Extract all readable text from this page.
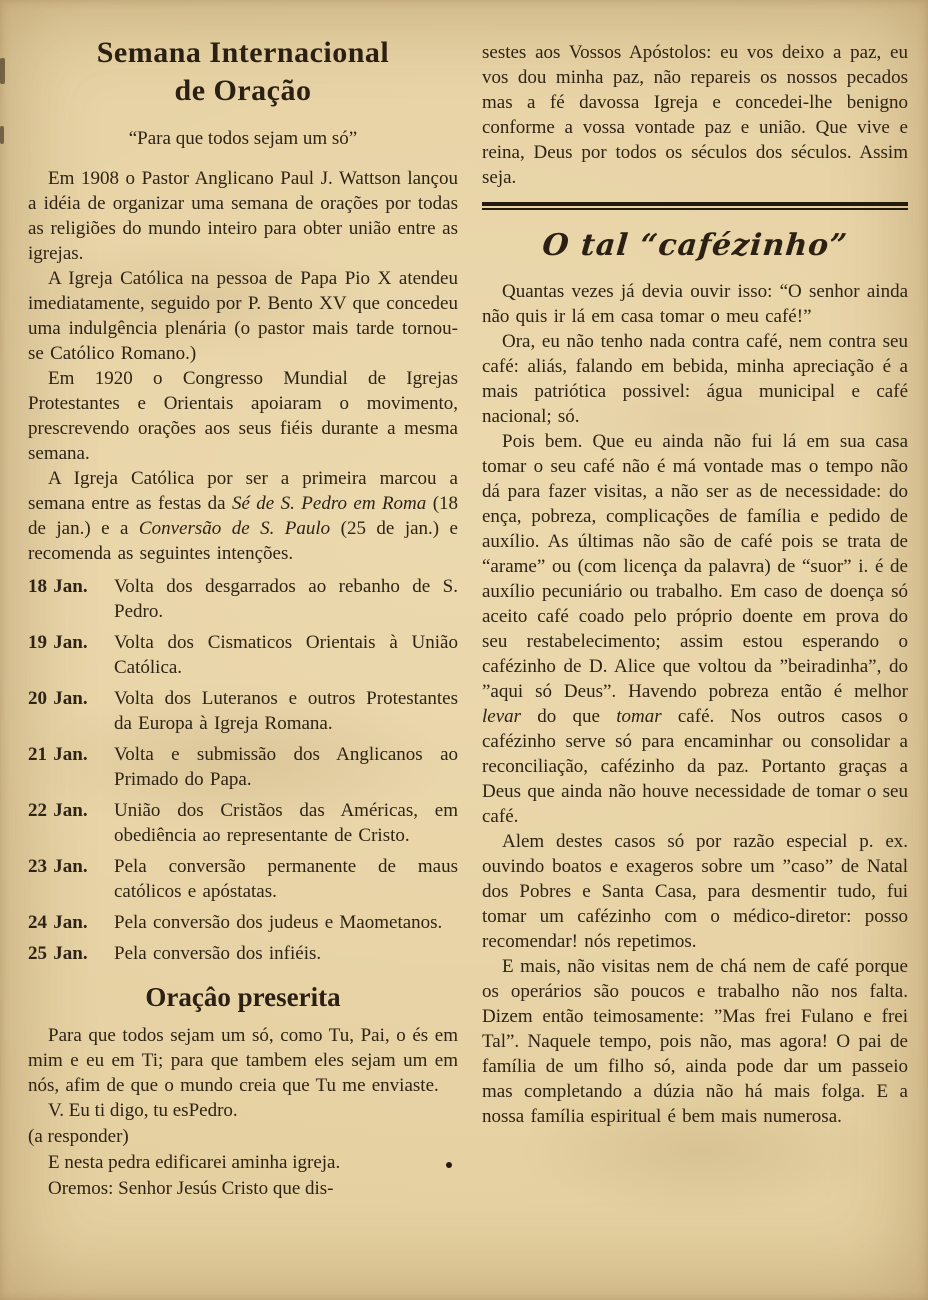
Semana Internacional
de Oração
“Para que todos sejam um só”

Em 1908 o Pastor Anglicano Paul J. Wattson lançou a idéia de organizar uma semana de orações por todas as religiões do mundo inteiro para obter união entre as igrejas.

A Igreja Católica na pessoa de Papa Pio X atendeu imediatamente, seguido por P. Bento XV que concedeu uma indulgência plenária (o pastor mais tarde tornou-se Católico Romano.)

Em 1920 o Congresso Mundial de Igrejas Protestantes e Orientais apoiaram o movimento, prescrevendo orações aos seus fiéis durante a mesma semana.

A Igreja Católica por ser a primeira marcou a semana entre as festas da Sé de S. Pedro em Roma (18 de jan.) e a Conversão de S. Paulo (25 de jan.) e recomenda as seguintes intenções.

18 Jan. Volta dos desgarrados ao rebanho de S. Pedro.
19 Jan. Volta dos Cismaticos Orientais à União Católica.
20 Jan. Volta dos Luteranos e outros Protestantes da Europa à Igreja Romana.
21 Jan. Volta e submissão dos Anglicanos ao Primado do Papa.
22 Jan. União dos Cristãos das Américas, em obediência ao representante de Cristo.
23 Jan. Pela conversão permanente de maus católicos e apóstatas.
24 Jan. Pela conversão dos judeus e Maometanos.
25 Jan. Pela conversão dos infiéis.
Oraçâo preserita

Para que todos sejam um só, como Tu, Pai, o és em mim e eu em Ti; para que tambem eles sejam um em nós, afim de que o mundo creia que Tu me enviaste.

V. Eu ti digo, tu esPedro.

(a responder)

E nesta pedra edificarei aminha igreja.

Oremos: Senhor Jesús Cristo que dis-

sestes aos Vossos Apóstolos: eu vos deixo a paz, eu vos dou minha paz, não repareis os nossos pecados mas a fé davossa Igreja e concedei-lhe benigno conforme a vossa vontade paz e união. Que vive e reina, Deus por todos os séculos dos séculos. Assim seja.

O tal “cafézinho”

Quantas vezes já devia ouvir isso: “O senhor ainda não quis ir lá em casa tomar o meu café!”

Ora, eu não tenho nada contra café, nem contra seu café: aliás, falando em bebida, minha apreciação é a mais patriótica possivel: água municipal e café nacional; só.

Pois bem. Que eu ainda não fui lá em sua casa tomar o seu café não é má vontade mas o tempo não dá para fazer visitas, a não ser as de necessidade: do ença, pobreza, complicações de família e pedido de auxílio. As últimas não são de café pois se trata de “arame” ou (com licença da palavra) de “suor” i. é de auxílio pecuniário ou trabalho. Em caso de doença só aceito café coado pelo próprio doente em prova do seu restabelecimento; assim estou esperando o cafézinho de D. Alice que voltou da ”beiradinha”, do ”aqui só Deus”. Havendo pobreza então é melhor levar do que tomar café. Nos outros casos o cafézinho serve só para encaminhar ou consolidar a reconciliação, cafézinho da paz. Portanto graças a Deus que ainda não houve necessidade de tomar o seu café.

Alem destes casos só por razão especial p. ex. ouvindo boatos e exageros sobre um ”caso” de Natal dos Pobres e Santa Casa, para desmentir tudo, fui tomar um cafézinho com o médico-diretor: posso recomendar! nós repetimos.

E mais, não visitas nem de chá nem de café porque os operários são poucos e trabalho não nos falta. Dizem então teimosamente: ”Mas frei Fulano e frei Tal”. Naquele tempo, pois não, mas agora! O pai de família de um filho só, ainda pode dar um passeio mas completando a dúzia não há mais folga. E a nossa família espiritual é bem mais numerosa.
